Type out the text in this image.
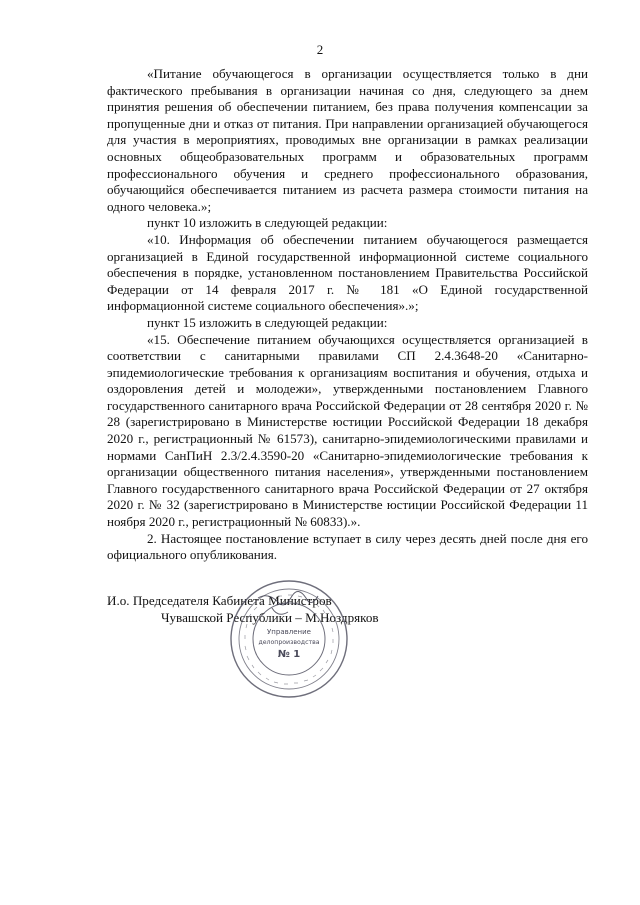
2

«Питание обучающегося в организации осуществляется только в дни фактического пребывания в организации начиная со дня, следующего за днем принятия решения об обеспечении питанием, без права получения компенсации за пропущенные дни и отказ от питания. При направлении организацией обучающегося для участия в мероприятиях, проводимых вне организации в рамках реализации основных общеобразовательных программ и образовательных программ профессионального обучения и среднего профессионального образования, обучающийся обеспечивается питанием из расчета размера стоимости питания на одного человека.»;

пункт 10 изложить в следующей редакции:

«10. Информация об обеспечении питанием обучающегося размещается организацией в Единой государственной информационной системе социального обеспечения в порядке, установленном постановлением Правительства Российской Федерации от 14 февраля 2017 г. № 181 «О Единой государственной информационной системе социального обеспечения».»;

пункт 15 изложить в следующей редакции:

«15. Обеспечение питанием обучающихся осуществляется организацией в соответствии с санитарными правилами СП 2.4.3648-20 «Санитарно-эпидемиологические требования к организациям воспитания и обучения, отдыха и оздоровления детей и молодежи», утвержденными постановлением Главного государственного санитарного врача Российской Федерации от 28 сентября 2020 г. № 28 (зарегистрировано в Министерстве юстиции Российской Федерации 18 декабря 2020 г., регистрационный № 61573), санитарно-эпидемиологическими правилами и нормами СанПиН 2.3/2.4.3590-20 «Санитарно-эпидемиологические требования к организации общественного питания населения», утвержденными постановлением Главного государственного санитарного врача Российской Федерации от 27 октября 2020 г. № 32 (зарегистрировано в Министерстве юстиции Российской Федерации 11 ноября 2020 г., регистрационный № 60833).».

2. Настоящее постановление вступает в силу через десять дней после дня его официального опубликования.

И.о. Председателя Кабинета Министров
Чувашской Республики – М.Ноздряков
Управление
делопроизводства
№ 1
